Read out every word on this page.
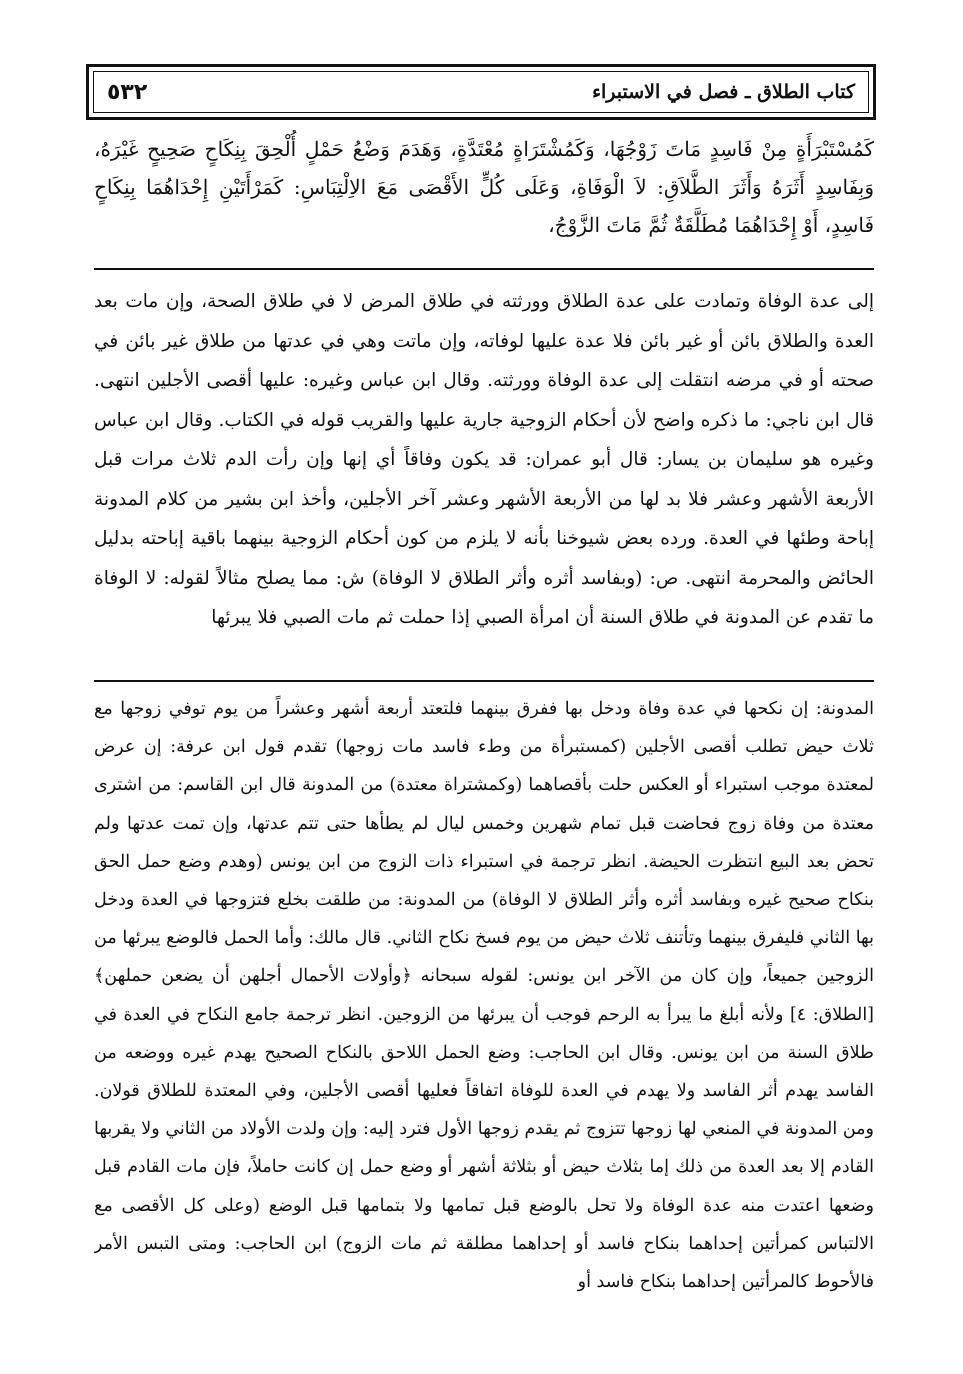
كتاب الطلاق ـ فصل في الاستبراء
٥٣٢

كَمُسْتَبْرَأَةٍ مِنْ فَاسِدٍ مَاتَ زَوْجُهَا، وَكَمُشْتَرَاةٍ مُعْتَدَّةٍ، وَهَدَمَ وَضْعُ حَمْلٍ أُلْحِقَ بِنِكَاحٍ صَحِيحٍ غَيْرَهُ، وَبِفَاسِدٍ أَثَرَهُ وَأَثَرَ الطَّلاَقِ: لاَ الْوَفَاةِ، وَعَلَى كُلٍّ الأَقْصَى مَعَ الاِلْتِبَاسِ: كَمَرْأَتَيْنِ إِحْدَاهُمَا بِنِكَاحٍ فَاسِدٍ، أَوْ إِحْدَاهُمَا مُطَلَّقَةٌ ثُمَّ مَاتَ الزَّوْجُ،

إلى عدة الوفاة وتمادت على عدة الطلاق وورثته في طلاق المرض لا في طلاق الصحة، وإن مات بعد العدة والطلاق بائن أو غير بائن فلا عدة عليها لوفاته، وإن ماتت وهي في عدتها من طلاق غير بائن في صحته أو في مرضه انتقلت إلى عدة الوفاة وورثته. وقال ابن عباس وغيره: عليها أقصى الأجلين انتهى. قال ابن ناجي: ما ذكره واضح لأن أحكام الزوجية جارية عليها والقريب قوله في الكتاب. وقال ابن عباس وغيره هو سليمان بن يسار: قال أبو عمران: قد يكون وفاقاً أي إنها وإن رأت الدم ثلاث مرات قبل الأربعة الأشهر وعشر فلا بد لها من الأربعة الأشهر وعشر آخر الأجلين، وأخذ ابن بشير من كلام المدونة إباحة وطئها في العدة. ورده بعض شيوخنا بأنه لا يلزم من كون أحكام الزوجية بينهما باقية إباحته بدليل الحائض والمحرمة انتهى. ص: (وبفاسد أثره وأثر الطلاق لا الوفاة) ش: مما يصلح مثالاً لقوله: لا الوفاة ما تقدم عن المدونة في طلاق السنة أن امرأة الصبي إذا حملت ثم مات الصبي فلا يبرئها

المدونة: إن نكحها في عدة وفاة ودخل بها ففرق بينهما فلتعتد أربعة أشهر وعشراً من يوم توفي زوجها مع ثلاث حيض تطلب أقصى الأجلين (كمستبرأة من وطء فاسد مات زوجها) تقدم قول ابن عرفة: إن عرض لمعتدة موجب استبراء أو العكس حلت بأقصاهما (وكمشتراة معتدة) من المدونة قال ابن القاسم: من اشترى معتدة من وفاة زوج فحاضت قبل تمام شهرين وخمس ليال لم يطأها حتى تتم عدتها، وإن تمت عدتها ولم تحض بعد البيع انتظرت الحيضة. انظر ترجمة في استبراء ذات الزوج من ابن يونس (وهدم وضع حمل الحق بنكاح صحيح غيره وبفاسد أثره وأثر الطلاق لا الوفاة) من المدونة: من طلقت بخلع فتزوجها في العدة ودخل بها الثاني فليفرق بينهما وتأتنف ثلاث حيض من يوم فسخ نكاح الثاني. قال مالك: وأما الحمل فالوضع يبرئها من الزوجين جميعاً، وإن كان من الآخر ابن يونس: لقوله سبحانه ﴿وأولات الأحمال أجلهن أن يضعن حملهن﴾ [الطلاق: ٤] ولأنه أبلغ ما يبرأ به الرحم فوجب أن يبرئها من الزوجين. انظر ترجمة جامع النكاح في العدة في طلاق السنة من ابن يونس. وقال ابن الحاجب: وضع الحمل اللاحق بالنكاح الصحيح يهدم غيره ووضعه من الفاسد يهدم أثر الفاسد ولا يهدم في العدة للوفاة اتفاقاً فعليها أقصى الأجلين، وفي المعتدة للطلاق قولان. ومن المدونة في المنعي لها زوجها تتزوج ثم يقدم زوجها الأول فترد إليه: وإن ولدت الأولاد من الثاني ولا يقربها القادم إلا بعد العدة من ذلك إما بثلاث حيض أو بثلاثة أشهر أو وضع حمل إن كانت حاملاً، فإن مات القادم قبل وضعها اعتدت منه عدة الوفاة ولا تحل بالوضع قبل تمامها ولا بتمامها قبل الوضع (وعلى كل الأقصى مع الالتباس كمرأتين إحداهما بنكاح فاسد أو إحداهما مطلقة ثم مات الزوج) ابن الحاجب: ومتى التبس الأمر فالأحوط كالمرأتين إحداهما بنكاح فاسد أو
